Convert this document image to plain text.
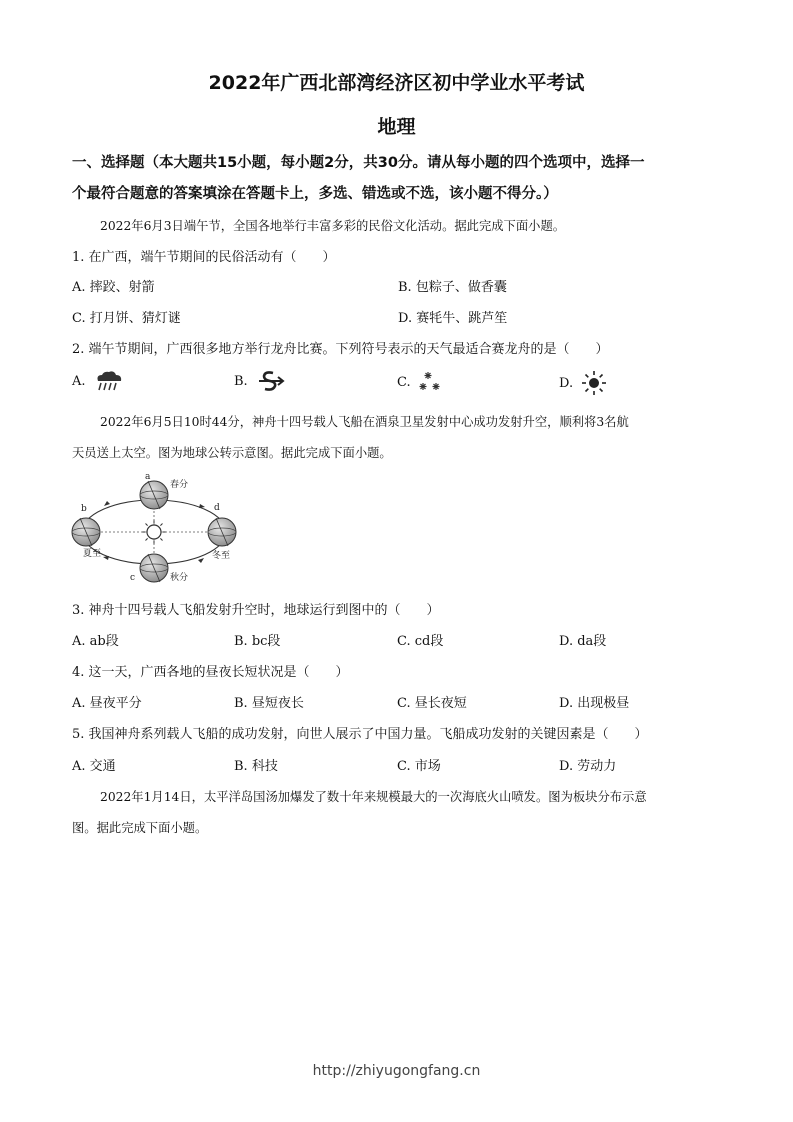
2022年广西北部湾经济区初中学业水平考试
地理
一、选择题（本大题共15小题，每小题2分，共30分。请从每小题的四个选项中，选择一
个最符合题意的答案填涂在答题卡上，多选、错选或不选，该小题不得分。）
2022年6月3日端午节，全国各地举行丰富多彩的民俗文化活动。据此完成下面小题。
1. 在广西，端午节期间的民俗活动有（　　）
A. 摔跤、射箭	B. 包粽子、做香囊
C. 打月饼、猜灯谜	D. 赛牦牛、跳芦笙
2. 端午节期间，广西很多地方举行龙舟比赛。下列符号表示的天气最适合赛龙舟的是（　　）
A.	B.	C.	D.
2022年6月5日10时44分，神舟十四号载人飞船在酒泉卫星发射中心成功发射升空，顺利将3名航
天员送上太空。图为地球公转示意图。据此完成下面小题。
a
春分
b
夏至
c	秋分
d
冬至
3. 神舟十四号载人飞船发射升空时，地球运行到图中的（　　）
A. ab段	B. bc段	C. cd段	D. da段
4. 这一天，广西各地的昼夜长短状况是（　　）
A. 昼夜平分	B. 昼短夜长	C. 昼长夜短	D. 出现极昼
5. 我国神舟系列载人飞船的成功发射，向世人展示了中国力量。飞船成功发射的关键因素是（　　）
A. 交通	B. 科技	C. 市场	D. 劳动力
2022年1月14日，太平洋岛国汤加爆发了数十年来规模最大的一次海底火山喷发。图为板块分布示意
图。据此完成下面小题。
http://zhiyugongfang.cn
